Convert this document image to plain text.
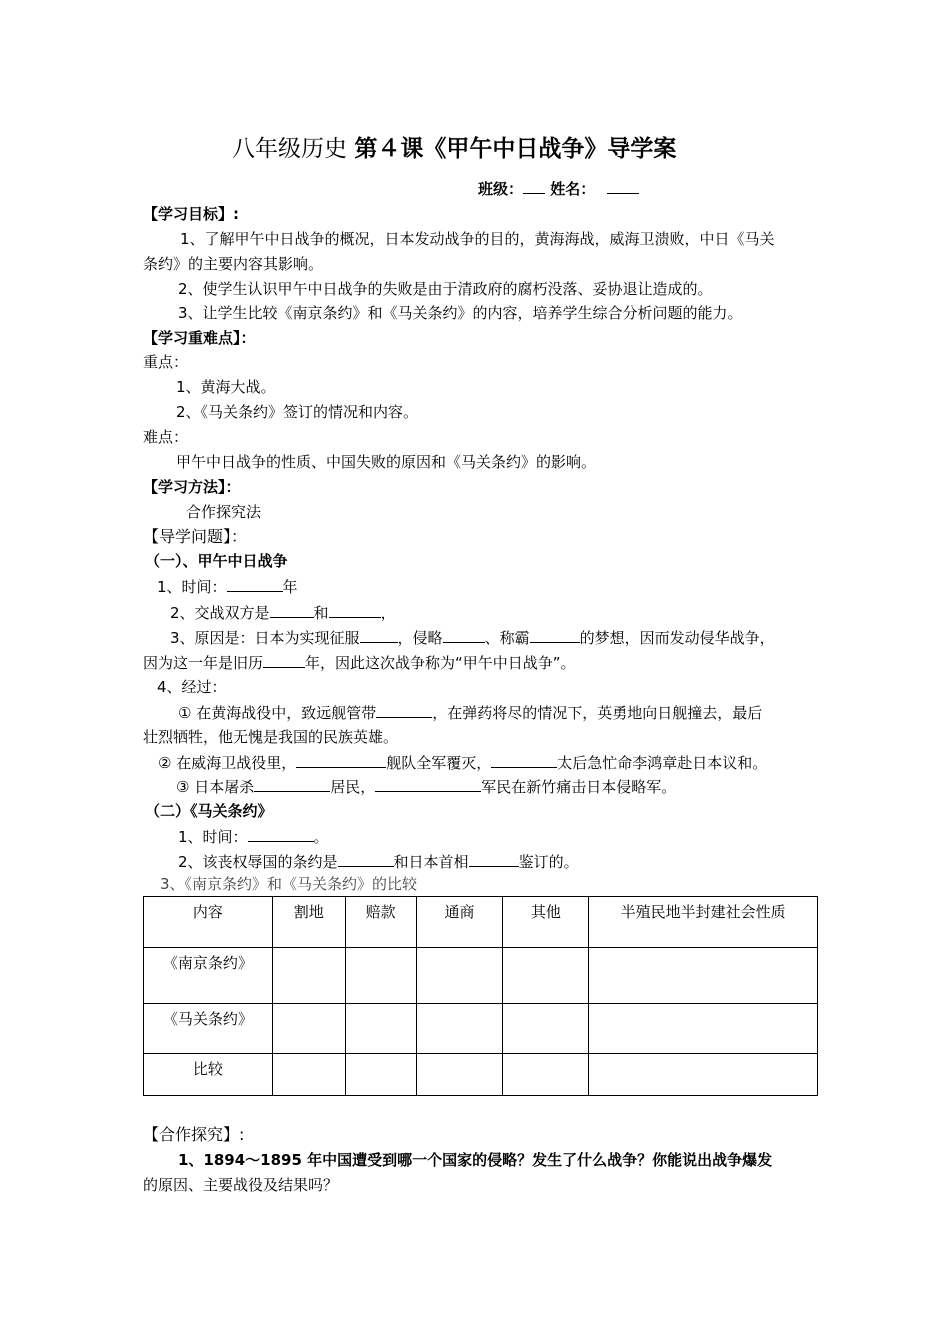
八年级历史 第４课《甲午中日战争》导学案
班级： 姓名：
【学习目标】:
1、了解甲午中日战争的概况，日本发动战争的目的，黄海海战，威海卫溃败，中日《马关
条约》的主要内容其影响。
2、使学生认识甲午中日战争的失败是由于清政府的腐朽没落、妥协退让造成的。
3、让学生比较《南京条约》和《马关条约》的内容，培养学生综合分析问题的能力。
【学习重难点】：
重点：
1、黄海大战。
2、《马关条约》签订的情况和内容。
难点：
甲午中日战争的性质、中国失败的原因和《马关条约》的影响。
【学习方法】：
合作探究法
【导学问题】：
（一）、甲午中日战争
1、时间：	年
2、交战双方是	和	，
3、原因是：日本为实现征服	，侵略	、称霸	的梦想，因而发动侵华战争，
因为这一年是旧历	年，因此这次战争称为“甲午中日战争”。
4、经过：
① 在黄海战役中，致远舰管带	，在弹药将尽的情况下，英勇地向日舰撞去，最后
壮烈牺牲，他无愧是我国的民族英雄。
② 在威海卫战役里，	舰队全军覆灭，	太后急忙命李鸿章赴日本议和。
③ 日本屠杀	居民，	军民在新竹痛击日本侵略军。
（二）《马关条约》
1、时间：	。
2、该丧权辱国的条约是	和日本首相	鉴订的。
3、《南京条约》和《马关条约》的比较
内容	割地	赔款	通商	其他	半殖民地半封建社会性质
《南京条约》					
《马关条约》					
比较					
【合作探究】:
1、1894～1895 年中国遭受到哪一个国家的侵略？发生了什么战争？你能说出战争爆发
的原因、主要战役及结果吗？
